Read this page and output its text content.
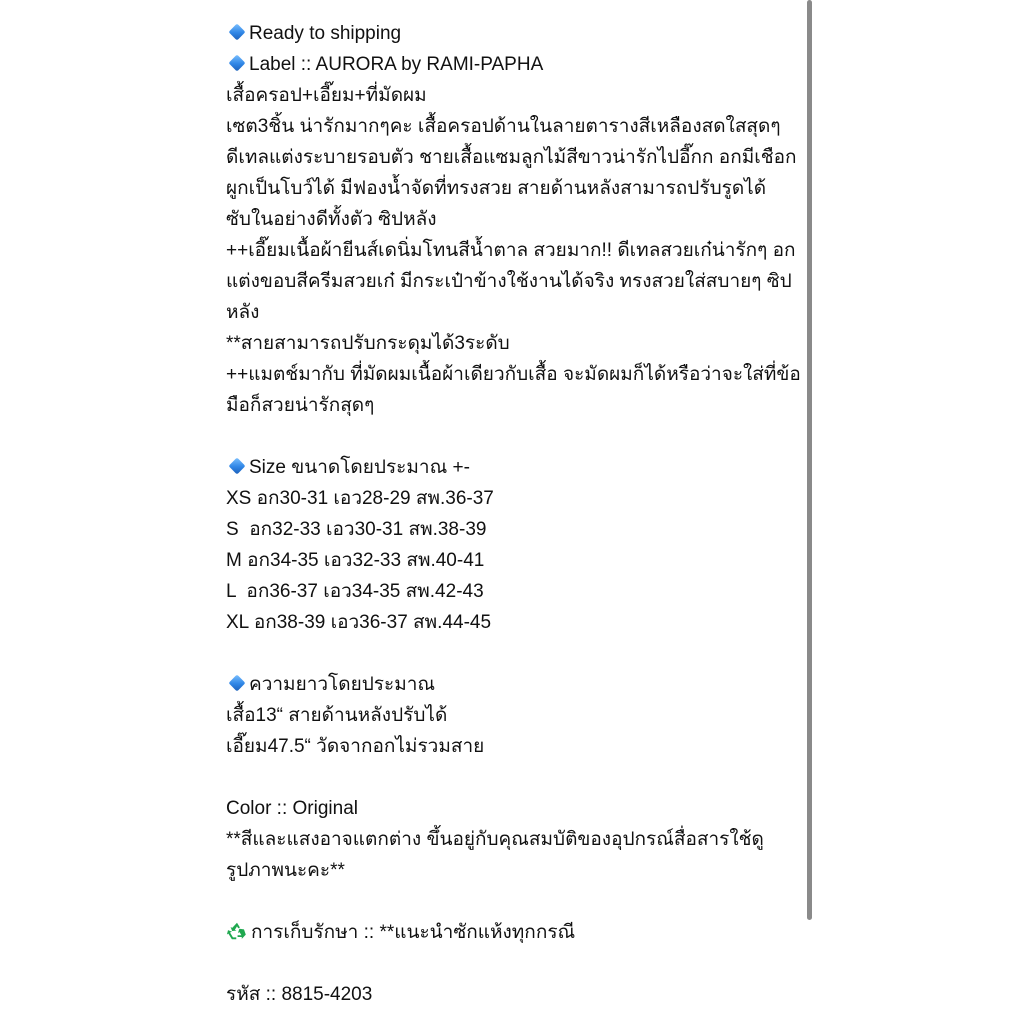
Ready to shipping
Label :: AURORA by RAMI-PAPHA
เสื้อครอป+เอี๊ยม+ที่มัดผม
เซต3ชิ้น น่ารักมากๆคะ เสื้อครอปด้านในลายตารางสีเหลืองสดใสสุดๆ
ดีเทลแต่งระบายรอบตัว ชายเสื้อแซมลูกไม้สีขาวน่ารักไปอี๊กก อกมีเชือก
ผูกเป็นโบว์ได้ มีฟองน้ำจัดที่ทรงสวย สายด้านหลังสามารถปรับรูดได้
ซับในอย่างดีทั้งตัว ซิปหลัง
++เอี๊ยมเนื้อผ้ายีนส์เดนิ่มโทนสีน้ำตาล สวยมาก!! ดีเทลสวยเก๋น่ารักๆ อก
แต่งขอบสีครีมสวยเก๋ มีกระเป๋าข้างใช้งานได้จริง ทรงสวยใส่สบายๆ ซิป
หลัง
**สายสามารถปรับกระดุมได้3ระดับ
++แมตช์มากับ ที่มัดผมเนื้อผ้าเดียวกับเสื้อ จะมัดผมก็ได้หรือว่าจะใส่ที่ข้อ
มือก็สวยน่ารักสุดๆ
Size ขนาดโดยประมาณ +-
XS อก30-31 เอว28-29 สพ.36-37
S  อก32-33 เอว30-31 สพ.38-39
M อก34-35 เอว32-33 สพ.40-41
L  อก36-37 เอว34-35 สพ.42-43
XL อก38-39 เอว36-37 สพ.44-45
ความยาวโดยประมาณ
เสื้อ13“ สายด้านหลังปรับได้
เอี๊ยม47.5“ วัดจากอกไม่รวมสาย
Color :: Original
**สีและแสงอาจแตกต่าง ขึ้นอยู่กับคุณสมบัติของอุปกรณ์สื่อสารใช้ดู
รูปภาพนะคะ**
การเก็บรักษา :: **แนะนำซักแห้งทุกกรณี
รหัส :: 8815-4203
